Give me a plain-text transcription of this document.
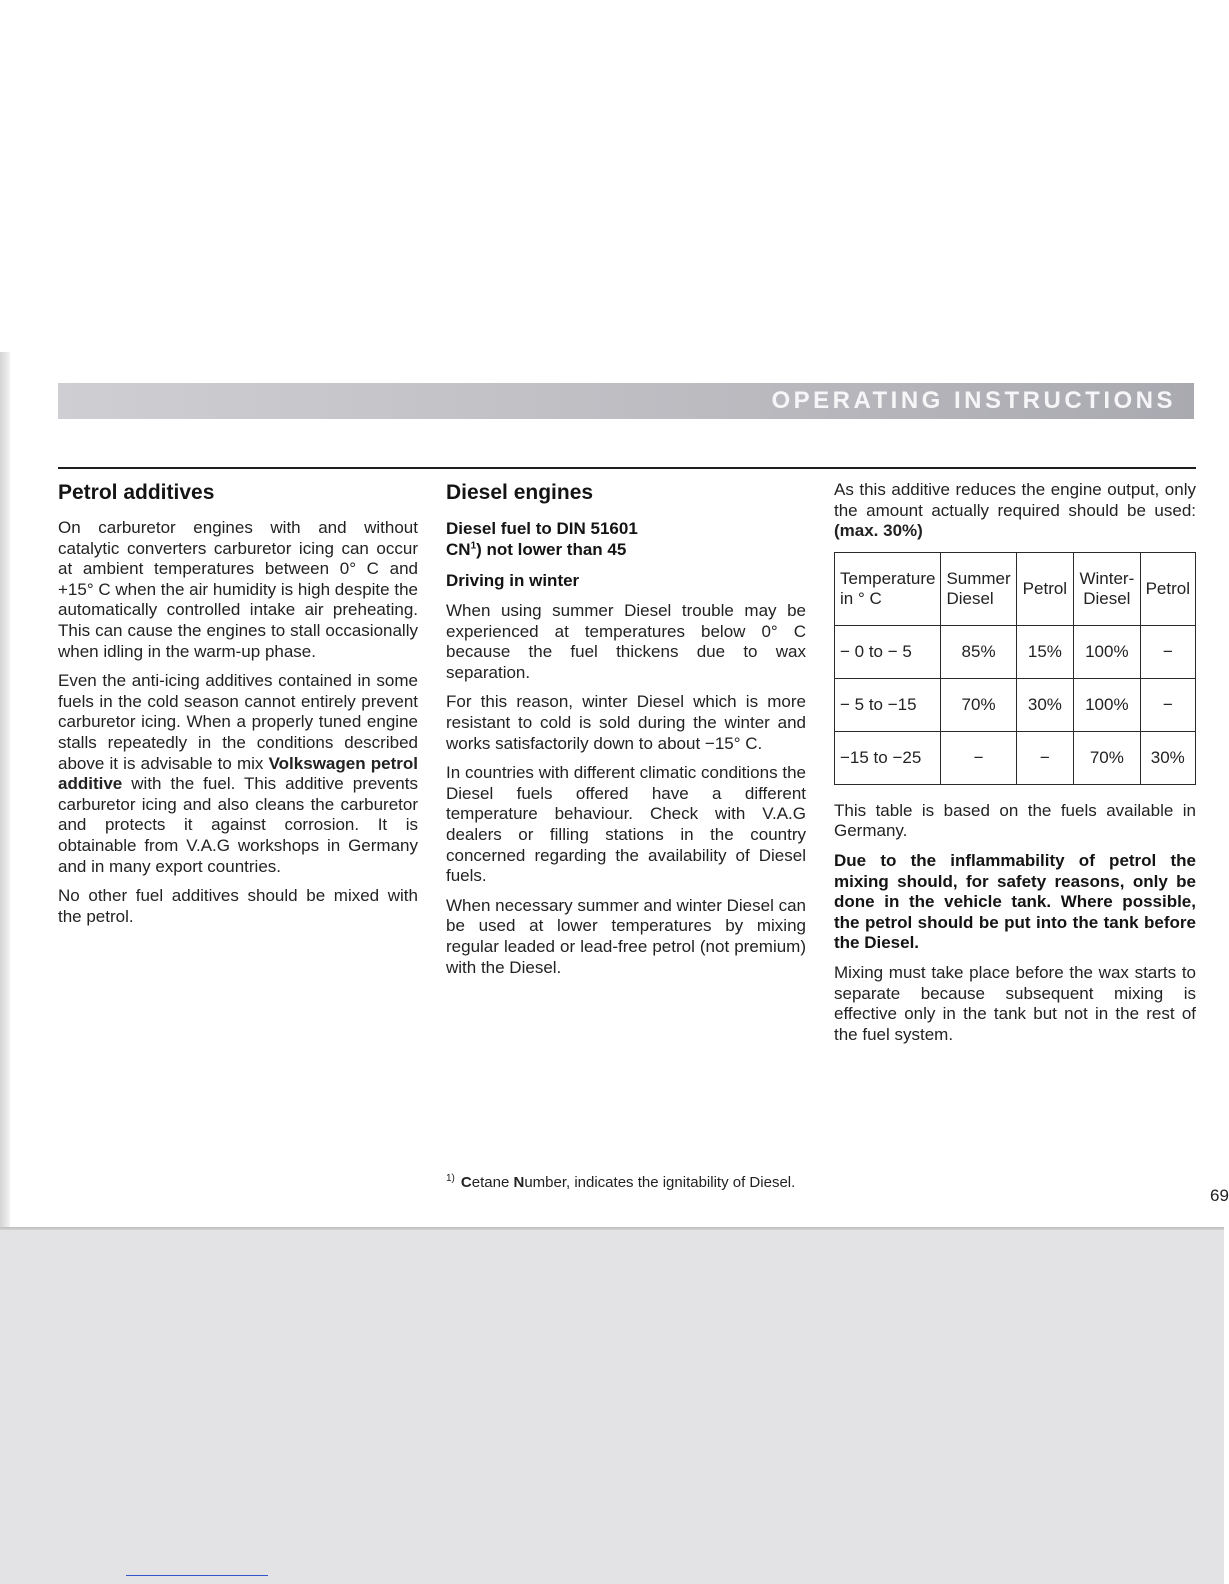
OPERATING INSTRUCTIONS
Petrol additives

On carburetor engines with and without catalytic converters carburetor icing can occur at ambient temperatures between 0° C and +15° C when the air humidity is high despite the automatically controlled intake air preheating. This can cause the engines to stall occasionally when idling in the warm-up phase.

Even the anti-icing additives contained in some fuels in the cold season cannot entirely prevent carburetor icing. When a properly tuned engine stalls repeatedly in the conditions described above it is advisable to mix Volkswagen petrol additive with the fuel. This additive prevents carburetor icing and also cleans the carburetor and protects it against corrosion. It is obtainable from V.A.G workshops in Germany and in many export countries.

No other fuel additives should be mixed with the petrol.

Diesel engines
Diesel fuel to DIN 51601
CN$^1$) not lower than 45
Driving in winter

When using summer Diesel trouble may be experienced at temperatures below 0° C because the fuel thickens due to wax separation.

For this reason, winter Diesel which is more resistant to cold is sold during the winter and works satisfactorily down to about −15° C.

In countries with different climatic conditions the Diesel fuels offered have a different temperature behaviour. Check with V.A.G dealers or filling stations in the country concerned regarding the availability of Diesel fuels.

When necessary summer and winter Diesel can be used at lower temperatures by mixing regular leaded or lead-free petrol (not premium) with the Diesel.

As this additive reduces the engine output, only the amount actually required should be used: (max. 30%)

Temperature in ° C	Summer Diesel	Petrol	Winter-Diesel	Petrol
− 0 to − 5	85%	15%	100%	−
− 5 to −15	70%	30%	100%	−
−15 to −25	−	−	70%	30%

This table is based on the fuels available in Germany.

Due to the inflammability of petrol the mixing should, for safety reasons, only be done in the vehicle tank. Where possible, the petrol should be put into the tank before the Diesel.

Mixing must take place before the wax starts to separate because subsequent mixing is effective only in the tank but not in the rest of the fuel system.

$^{1)}$ Cetane Number, indicates the ignitability of Diesel.
69
